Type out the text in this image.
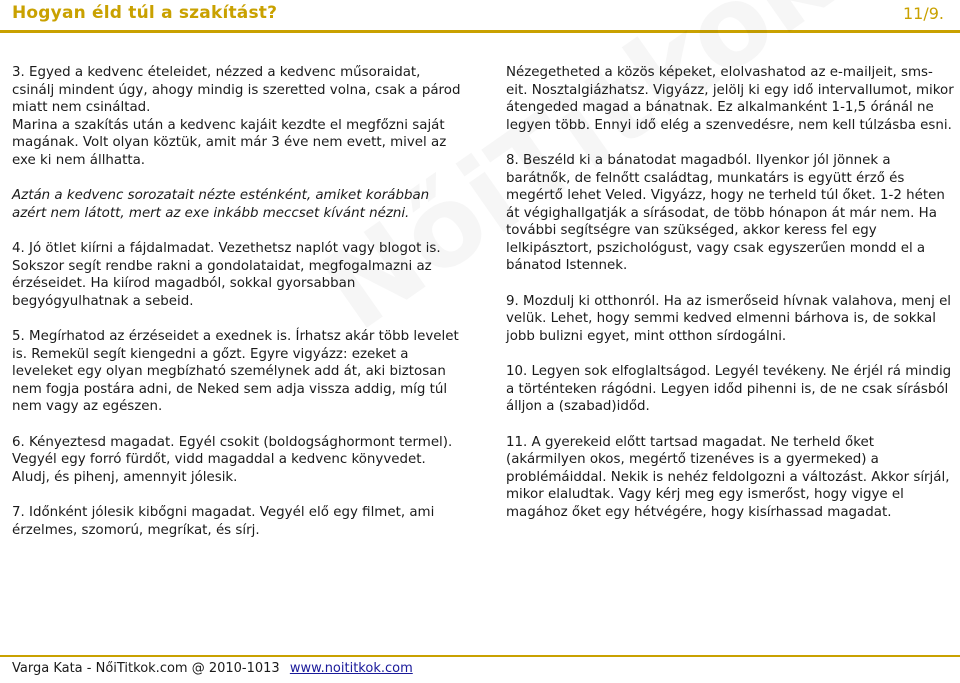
Hogyan éld túl a szakítást?	11/9.

3. Egyed a kedvenc ételeidet, nézzed a kedvenc műsoraidat, csinálj mindent úgy, ahogy mindig is szeretted volna, csak a párod miatt nem csináltad.

Marina a szakítás után a kedvenc kajáit kezdte el megfőzni saját magának. Volt olyan köztük, amit már 3 éve nem evett, mivel az exe ki nem állhatta.

Aztán a kedvenc sorozatait nézte esténként, amiket korábban azért nem látott, mert az exe inkább meccset kívánt nézni.

4. Jó ötlet kiírni a fájdalmadat. Vezethetsz naplót vagy blogot is. Sokszor segít rendbe rakni a gondolataidat, megfogalmazni az érzéseidet. Ha kiírod magadból, sokkal gyorsabban begyógyulhatnak a sebeid.

5. Megírhatod az érzéseidet a exednek is. Írhatsz akár több levelet is. Remekül segít kiengedni a gőzt. Egyre vigyázz: ezeket a leveleket egy olyan megbízható személynek add át, aki biztosan nem fogja postára adni, de Neked sem adja vissza addig, míg túl nem vagy az egészen.

6. Kényeztesd magadat. Egyél csokit (boldogsághormont termel). Vegyél egy forró fürdőt, vidd magaddal a kedvenc könyvedet. Aludj, és pihenj, amennyit jólesik.

7. Időnként jólesik kibőgni magadat. Vegyél elő egy filmet, ami érzelmes, szomorú, megríkat, és sírj.

Nézegetheted a közös képeket, elolvashatod az e-mailjeit, sms-eit. Nosztalgiázhatsz. Vigyázz, jelölj ki egy idő intervallumot, mikor átengeded magad a bánatnak. Ez alkalmanként 1-1,5 óránál ne legyen több. Ennyi idő elég a szenvedésre, nem kell túlzásba esni.

8. Beszéld ki a bánatodat magadból. Ilyenkor jól jönnek a barátnők, de felnőtt családtag, munkatárs is együtt érző és megértő lehet Veled. Vigyázz, hogy ne terheld túl őket. 1-2 héten át végighallgatják a sírásodat, de több hónapon át már nem. Ha további segítségre van szükséged, akkor keress fel egy lelkipásztort, pszichológust, vagy csak egyszerűen mondd el a bánatod Istennek.

9. Mozdulj ki otthonról. Ha az ismerőseid hívnak valahova, menj el velük. Lehet, hogy semmi kedved elmenni bárhova is, de sokkal jobb bulizni egyet, mint otthon sírdogálni.

10. Legyen sok elfoglaltságod. Legyél tevékeny. Ne érjél rá mindig a történteken rágódni. Legyen időd pihenni is, de ne csak sírásból álljon a (szabad)időd.

11. A gyerekeid előtt tartsad magadat. Ne terheld őket (akármilyen okos, megértő tizenéves is a gyermeked) a problémáiddal. Nekik is nehéz feldolgozni a változást. Akkor sírjál, mikor elaludtak. Vagy kérj meg egy ismerőst, hogy vigye el magához őket egy hétvégére, hogy kisírhassad magadat.

Varga Kata - NőiTitkok.com @ 2010-1013 www.noititkok.com
